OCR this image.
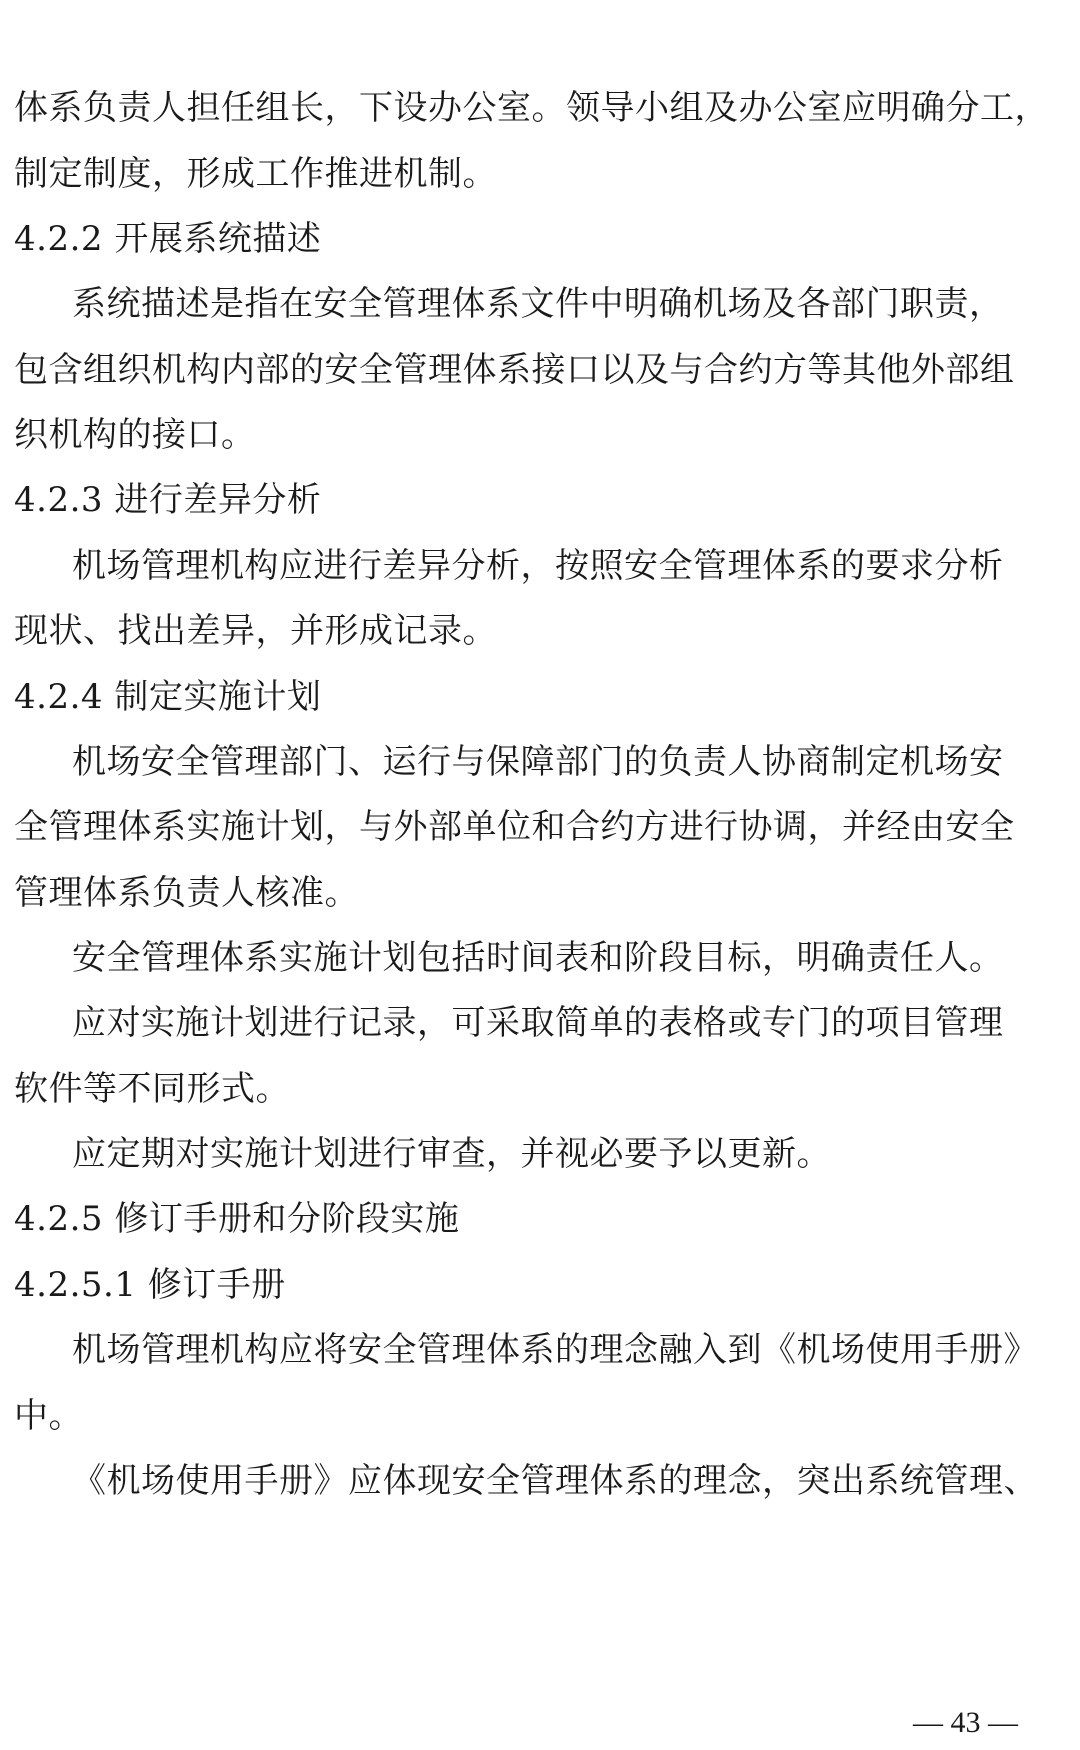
体系负责人担任组长，下设办公室。领导小组及办公室应明确分工，
制定制度，形成工作推进机制。
4.2.2 开展系统描述
系统描述是指在安全管理体系文件中明确机场及各部门职责，
包含组织机构内部的安全管理体系接口以及与合约方等其他外部组
织机构的接口。
4.2.3 进行差异分析
机场管理机构应进行差异分析，按照安全管理体系的要求分析
现状、找出差异，并形成记录。
4.2.4 制定实施计划
机场安全管理部门、运行与保障部门的负责人协商制定机场安
全管理体系实施计划，与外部单位和合约方进行协调，并经由安全
管理体系负责人核准。
安全管理体系实施计划包括时间表和阶段目标，明确责任人。
应对实施计划进行记录，可采取简单的表格或专门的项目管理
软件等不同形式。
应定期对实施计划进行审查，并视必要予以更新。
4.2.5 修订手册和分阶段实施
4.2.5.1 修订手册
机场管理机构应将安全管理体系的理念融入到《机场使用手册》
中。
《机场使用手册》应体现安全管理体系的理念，突出系统管理、
— 43 —
